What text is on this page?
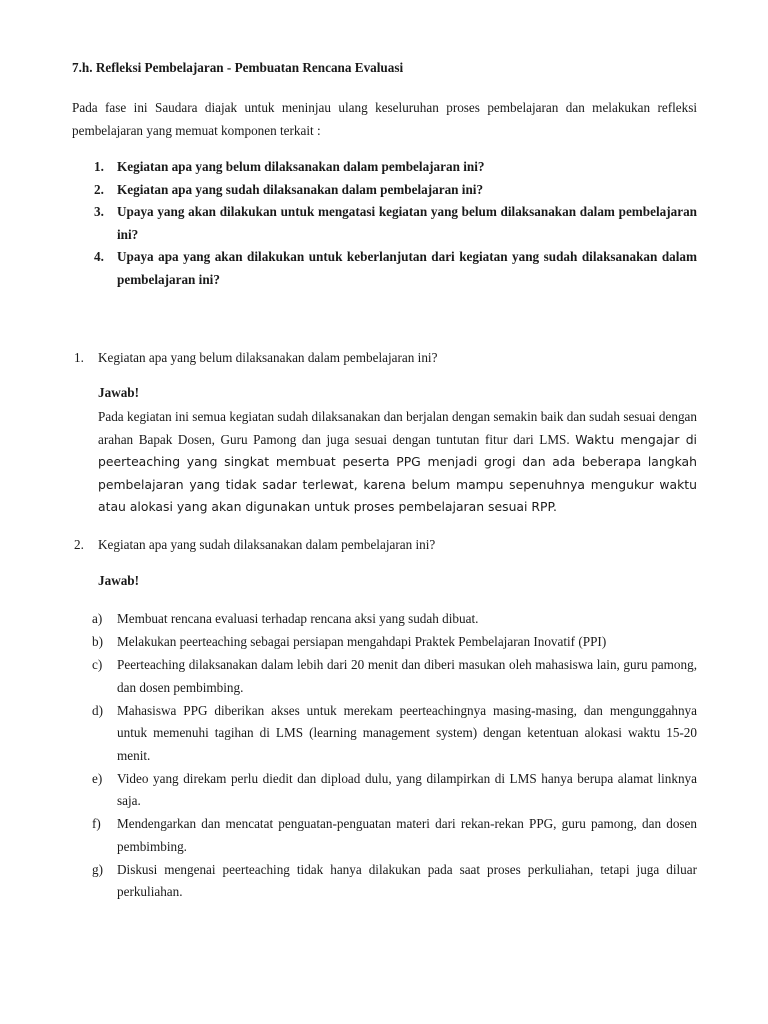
7.h. Refleksi Pembelajaran - Pembuatan Rencana Evaluasi
Pada fase ini Saudara diajak untuk meninjau ulang keseluruhan proses pembelajaran dan melakukan refleksi pembelajaran yang memuat komponen terkait :
1. Kegiatan apa yang belum dilaksanakan dalam pembelajaran ini?
2. Kegiatan apa yang sudah dilaksanakan dalam pembelajaran ini?
3. Upaya yang akan dilakukan untuk mengatasi kegiatan yang belum dilaksanakan dalam pembelajaran ini?
4. Upaya apa yang akan dilakukan untuk keberlanjutan dari kegiatan yang sudah dilaksanakan dalam pembelajaran ini?
1. Kegiatan apa yang belum dilaksanakan dalam pembelajaran ini?
Jawab!
Pada kegiatan ini semua kegiatan sudah dilaksanakan dan berjalan dengan semakin baik dan sudah sesuai dengan arahan Bapak Dosen, Guru Pamong dan juga sesuai dengan tuntutan fitur dari LMS. Waktu mengajar di peerteaching yang singkat membuat peserta PPG menjadi grogi dan ada beberapa langkah pembelajaran yang tidak sadar terlewat, karena belum mampu sepenuhnya mengukur waktu atau alokasi yang akan digunakan untuk proses pembelajaran sesuai RPP.
2. Kegiatan apa yang sudah dilaksanakan dalam pembelajaran ini?
Jawab!
a) Membuat rencana evaluasi terhadap rencana aksi yang sudah dibuat.
b) Melakukan peerteaching sebagai persiapan mengahdapi Praktek Pembelajaran Inovatif (PPI)
c) Peerteaching dilaksanakan dalam lebih dari 20 menit dan diberi masukan oleh mahasiswa lain, guru pamong, dan dosen pembimbing.
d) Mahasiswa PPG diberikan akses untuk merekam peerteachingnya masing-masing, dan mengunggahnya untuk memenuhi tagihan di LMS (learning management system) dengan ketentuan alokasi waktu 15-20 menit.
e) Video yang direkam perlu diedit dan dipload dulu, yang dilampirkan di LMS hanya berupa alamat linknya saja.
f) Mendengarkan dan mencatat penguatan-penguatan materi dari rekan-rekan PPG, guru pamong, dan dosen pembimbing.
g) Diskusi mengenai peerteaching tidak hanya dilakukan pada saat proses perkuliahan, tetapi juga diluar perkuliahan.
